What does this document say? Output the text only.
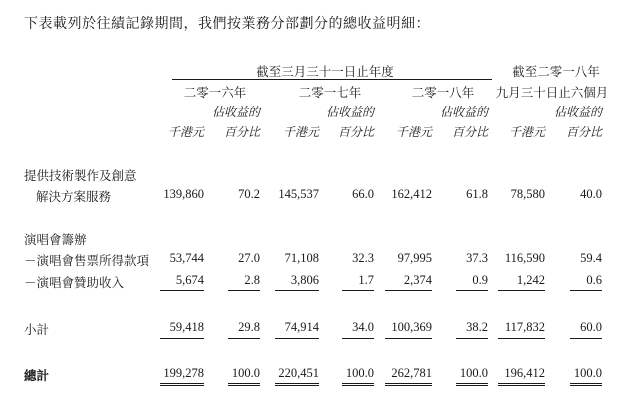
下表載列於往績記錄期間，我們按業務分部劃分的總收益明細：
截至三月三十一日止年度	截至二零一八年
二零一六年	二零一七年	二零一八年	九月三十日止六個月
佔收益的	佔收益的	佔收益的	佔收益的
千港元	百分比	千港元	百分比	千港元	百分比	千港元	百分比
提供技術製作及創意
解決方案服務	139,860	70.2	145,537	66.0	162,412	61.8	78,580	40.0
演唱會籌辦
－演唱會售票所得款項	53,744	27.0	71,108	32.3	97,995	37.3	116,590	59.4
－演唱會贊助收入	5,674	2.8	3,806	1.7	2,374	0.9	1,242	0.6
小計	59,418	29.8	74,914	34.0	100,369	38.2	117,832	60.0
總計	199,278	100.0	220,451	100.0	262,781	100.0	196,412	100.0
